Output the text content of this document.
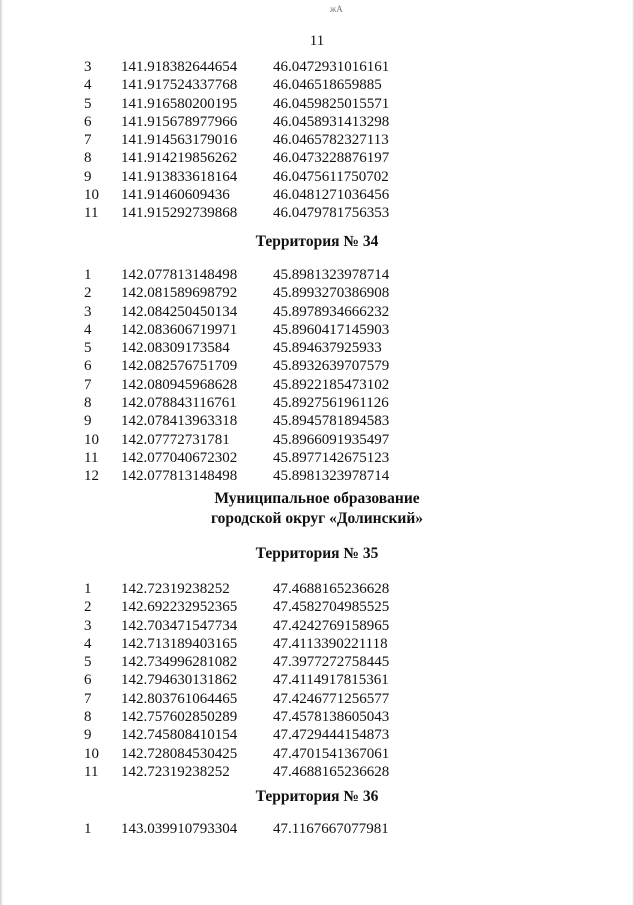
жА
11
3 141.918382644654 46.0472931016161
4 141.917524337768 46.046518659885
5 141.916580200195 46.0459825015571
6 141.915678977966 46.0458931413298
7 141.914563179016 46.0465782327113
8 141.914219856262 46.0473228876197
9 141.913833618164 46.0475611750702
10 141.91460609436	46.0481271036456
11 141.915292739868 46.0479781756353
Территория № 34
1 142.077813148498 45.8981323978714
2 142.081589698792 45.8993270386908
3 142.084250450134 45.8978934666232
4 142.083606719971 45.8960417145903
5 142.08309173584	45.894637925933
6 142.082576751709 45.8932639707579
7 142.080945968628 45.8922185473102
8 142.078843116761 45.8927561961126
9 142.078413963318 45.8945781894583
10 142.07772731781	45.8966091935497
11 142.077040672302 45.8977142675123
12 142.077813148498 45.8981323978714
Муниципальное образование
городской округ «Долинский»
Территория № 35
1 142.72319238252	47.4688165236628
2 142.692232952365 47.4582704985525
3 142.703471547734 47.4242769158965
4 142.713189403165 47.4113390221118
5 142.734996281082 47.3977272758445
6 142.794630131862 47.4114917815361
7 142.803761064465 47.4246771256577
8 142.757602850289 47.4578138605043
9 142.745808410154 47.4729444154873
10 142.728084530425 47.4701541367061
11 142.72319238252	47.4688165236628
Территория № 36
1 143.039910793304 47.1167667077981
